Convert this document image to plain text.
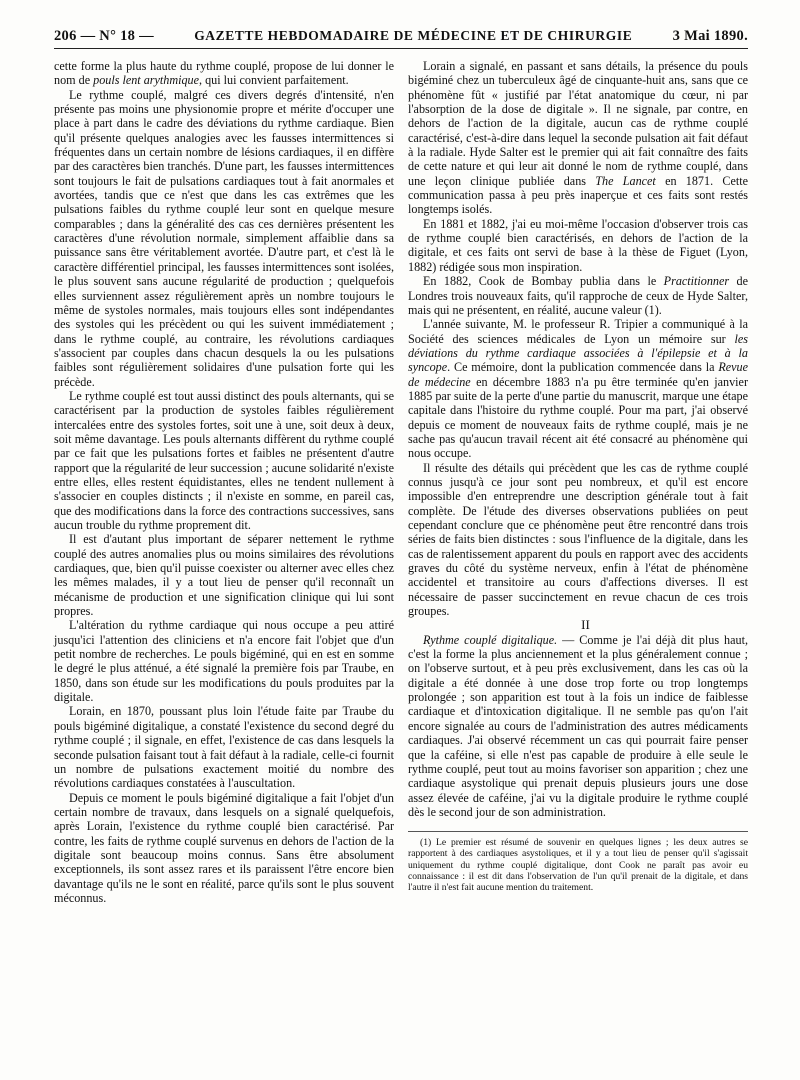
206 — N° 18 —	GAZETTE HEBDOMADAIRE DE MÉDECINE ET DE CHIRURGIE	3 Mai 1890.

cette forme la plus haute du rythme couplé, propose de lui donner le nom de pouls lent arythmique, qui lui convient parfaitement.

Le rythme couplé, malgré ces divers degrés d'intensité, n'en présente pas moins une physionomie propre et mérite d'occuper une place à part dans le cadre des déviations du rythme cardiaque. Bien qu'il présente quelques analogies avec les fausses intermittences si fréquentes dans un certain nombre de lésions cardiaques, il en diffère par des caractères bien tranchés. D'une part, les fausses intermittences sont toujours le fait de pulsations cardiaques tout à fait anormales et avortées, tandis que ce n'est que dans les cas extrêmes que les pulsations faibles du rythme couplé leur sont en quelque mesure comparables ; dans la généralité des cas ces dernières présentent les caractères d'une révolution normale, simplement affaiblie dans sa puissance sans être véritablement avortée. D'autre part, et c'est là le caractère différentiel principal, les fausses intermittences sont isolées, le plus souvent sans aucune régularité de production ; quelquefois elles surviennent assez régulièrement après un nombre toujours le même de systoles normales, mais toujours elles sont indépendantes des systoles qui les précèdent ou qui les suivent immédiatement ; dans le rythme couplé, au contraire, les révolutions cardiaques s'associent par couples dans chacun desquels la ou les pulsations faibles sont régulièrement solidaires d'une pulsation forte qui les précède.

Le rythme couplé est tout aussi distinct des pouls alternants, qui se caractérisent par la production de systoles faibles régulièrement intercalées entre des systoles fortes, soit une à une, soit deux à deux, soit même davantage. Les pouls alternants diffèrent du rythme couplé par ce fait que les pulsations fortes et faibles ne présentent d'autre rapport que la régularité de leur succession ; aucune solidarité n'existe entre elles, elles restent équidistantes, elles ne tendent nullement à s'associer en couples distincts ; il n'existe en somme, en pareil cas, que des modifications dans la force des contractions successives, sans aucun trouble du rythme proprement dit.

Il est d'autant plus important de séparer nettement le rythme couplé des autres anomalies plus ou moins similaires des révolutions cardiaques, que, bien qu'il puisse coexister ou alterner avec elles chez les mêmes malades, il y a tout lieu de penser qu'il reconnaît un mécanisme de production et une signification clinique qui lui sont propres.

L'altération du rythme cardiaque qui nous occupe a peu attiré jusqu'ici l'attention des cliniciens et n'a encore fait l'objet que d'un petit nombre de recherches. Le pouls bigéminé, qui en est en somme le degré le plus atténué, a été signalé la première fois par Traube, en 1850, dans son étude sur les modifications du pouls produites par la digitale.

Lorain, en 1870, poussant plus loin l'étude faite par Traube du pouls bigéminé digitalique, a constaté l'existence du second degré du rythme couplé ; il signale, en effet, l'existence de cas dans lesquels la seconde pulsation faisant tout à fait défaut à la radiale, celle-ci fournit un nombre de pulsations exactement moitié du nombre des révolutions cardiaques constatées à l'auscultation.

Depuis ce moment le pouls bigéminé digitalique a fait l'objet d'un certain nombre de travaux, dans lesquels on a signalé quelquefois, après Lorain, l'existence du rythme couplé bien caractérisé. Par contre, les faits de rythme couplé survenus en dehors de l'action de la digitale sont beaucoup moins connus. Sans être absolument exceptionnels, ils sont assez rares et ils paraissent l'être encore bien davantage qu'ils ne le sont en réalité, parce qu'ils sont le plus souvent méconnus.

Lorain a signalé, en passant et sans détails, la présence du pouls bigéminé chez un tuberculeux âgé de cinquante-huit ans, sans que ce phénomène fût « justifié par l'état anatomique du cœur, ni par l'absorption de la dose de digitale ». Il ne signale, par contre, en dehors de l'action de la digitale, aucun cas de rythme couplé caractérisé, c'est-à-dire dans lequel la seconde pulsation ait fait défaut à la radiale. Hyde Salter est le premier qui ait fait connaître des faits de cette nature et qui leur ait donné le nom de rythme couplé, dans une leçon clinique publiée dans The Lancet en 1871. Cette communication passa à peu près inaperçue et ces faits sont restés longtemps isolés.

En 1881 et 1882, j'ai eu moi-même l'occasion d'observer trois cas de rythme couplé bien caractérisés, en dehors de l'action de la digitale, et ces faits ont servi de base à la thèse de Figuet (Lyon, 1882) rédigée sous mon inspiration.

En 1882, Cook de Bombay publia dans le Practitionner de Londres trois nouveaux faits, qu'il rapproche de ceux de Hyde Salter, mais qui ne présentent, en réalité, aucune valeur (1).

L'année suivante, M. le professeur R. Tripier a communiqué à la Société des sciences médicales de Lyon un mémoire sur les déviations du rythme cardiaque associées à l'épilepsie et à la syncope. Ce mémoire, dont la publication commencée dans la Revue de médecine en décembre 1883 n'a pu être terminée qu'en janvier 1885 par suite de la perte d'une partie du manuscrit, marque une étape capitale dans l'histoire du rythme couplé. Pour ma part, j'ai observé depuis ce moment de nouveaux faits de rythme couplé, mais je ne sache pas qu'aucun travail récent ait été consacré au phénomène qui nous occupe.

Il résulte des détails qui précèdent que les cas de rythme couplé connus jusqu'à ce jour sont peu nombreux, et qu'il est encore impossible d'en entreprendre une description générale tout à fait complète. De l'étude des diverses observations publiées on peut cependant conclure que ce phénomène peut être rencontré dans trois séries de faits bien distinctes : sous l'influence de la digitale, dans les cas de ralentissement apparent du pouls en rapport avec des accidents graves du côté du système nerveux, enfin à l'état de phénomène accidentel et transitoire au cours d'affections diverses. Il est nécessaire de passer succinctement en revue chacun de ces trois groupes.

II

Rythme couplé digitalique. — Comme je l'ai déjà dit plus haut, c'est la forme la plus anciennement et la plus généralement connue ; on l'observe surtout, et à peu près exclusivement, dans les cas où la digitale a été donnée à une dose trop forte ou trop longtemps prolongée ; son apparition est tout à la fois un indice de faiblesse cardiaque et d'intoxication digitalique. Il ne semble pas qu'on l'ait encore signalée au cours de l'administration des autres médicaments cardiaques. J'ai observé récemment un cas qui pourrait faire penser que la caféine, si elle n'est pas capable de produire à elle seule le rythme couplé, peut tout au moins favoriser son apparition ; chez une cardiaque asystolique qui prenait depuis plusieurs jours une dose assez élevée de caféine, j'ai vu la digitale produire le rythme couplé dès le second jour de son administration.

(1) Le premier est résumé de souvenir en quelques lignes ; les deux autres se rapportent à des cardiaques asystoliques, et il y a tout lieu de penser qu'il s'agissait uniquement du rythme couplé digitalique, dont Cook ne paraît pas avoir eu connaissance : il est dit dans l'observation de l'un qu'il prenait de la digitale, et dans l'autre il n'est fait aucune mention du traitement.
